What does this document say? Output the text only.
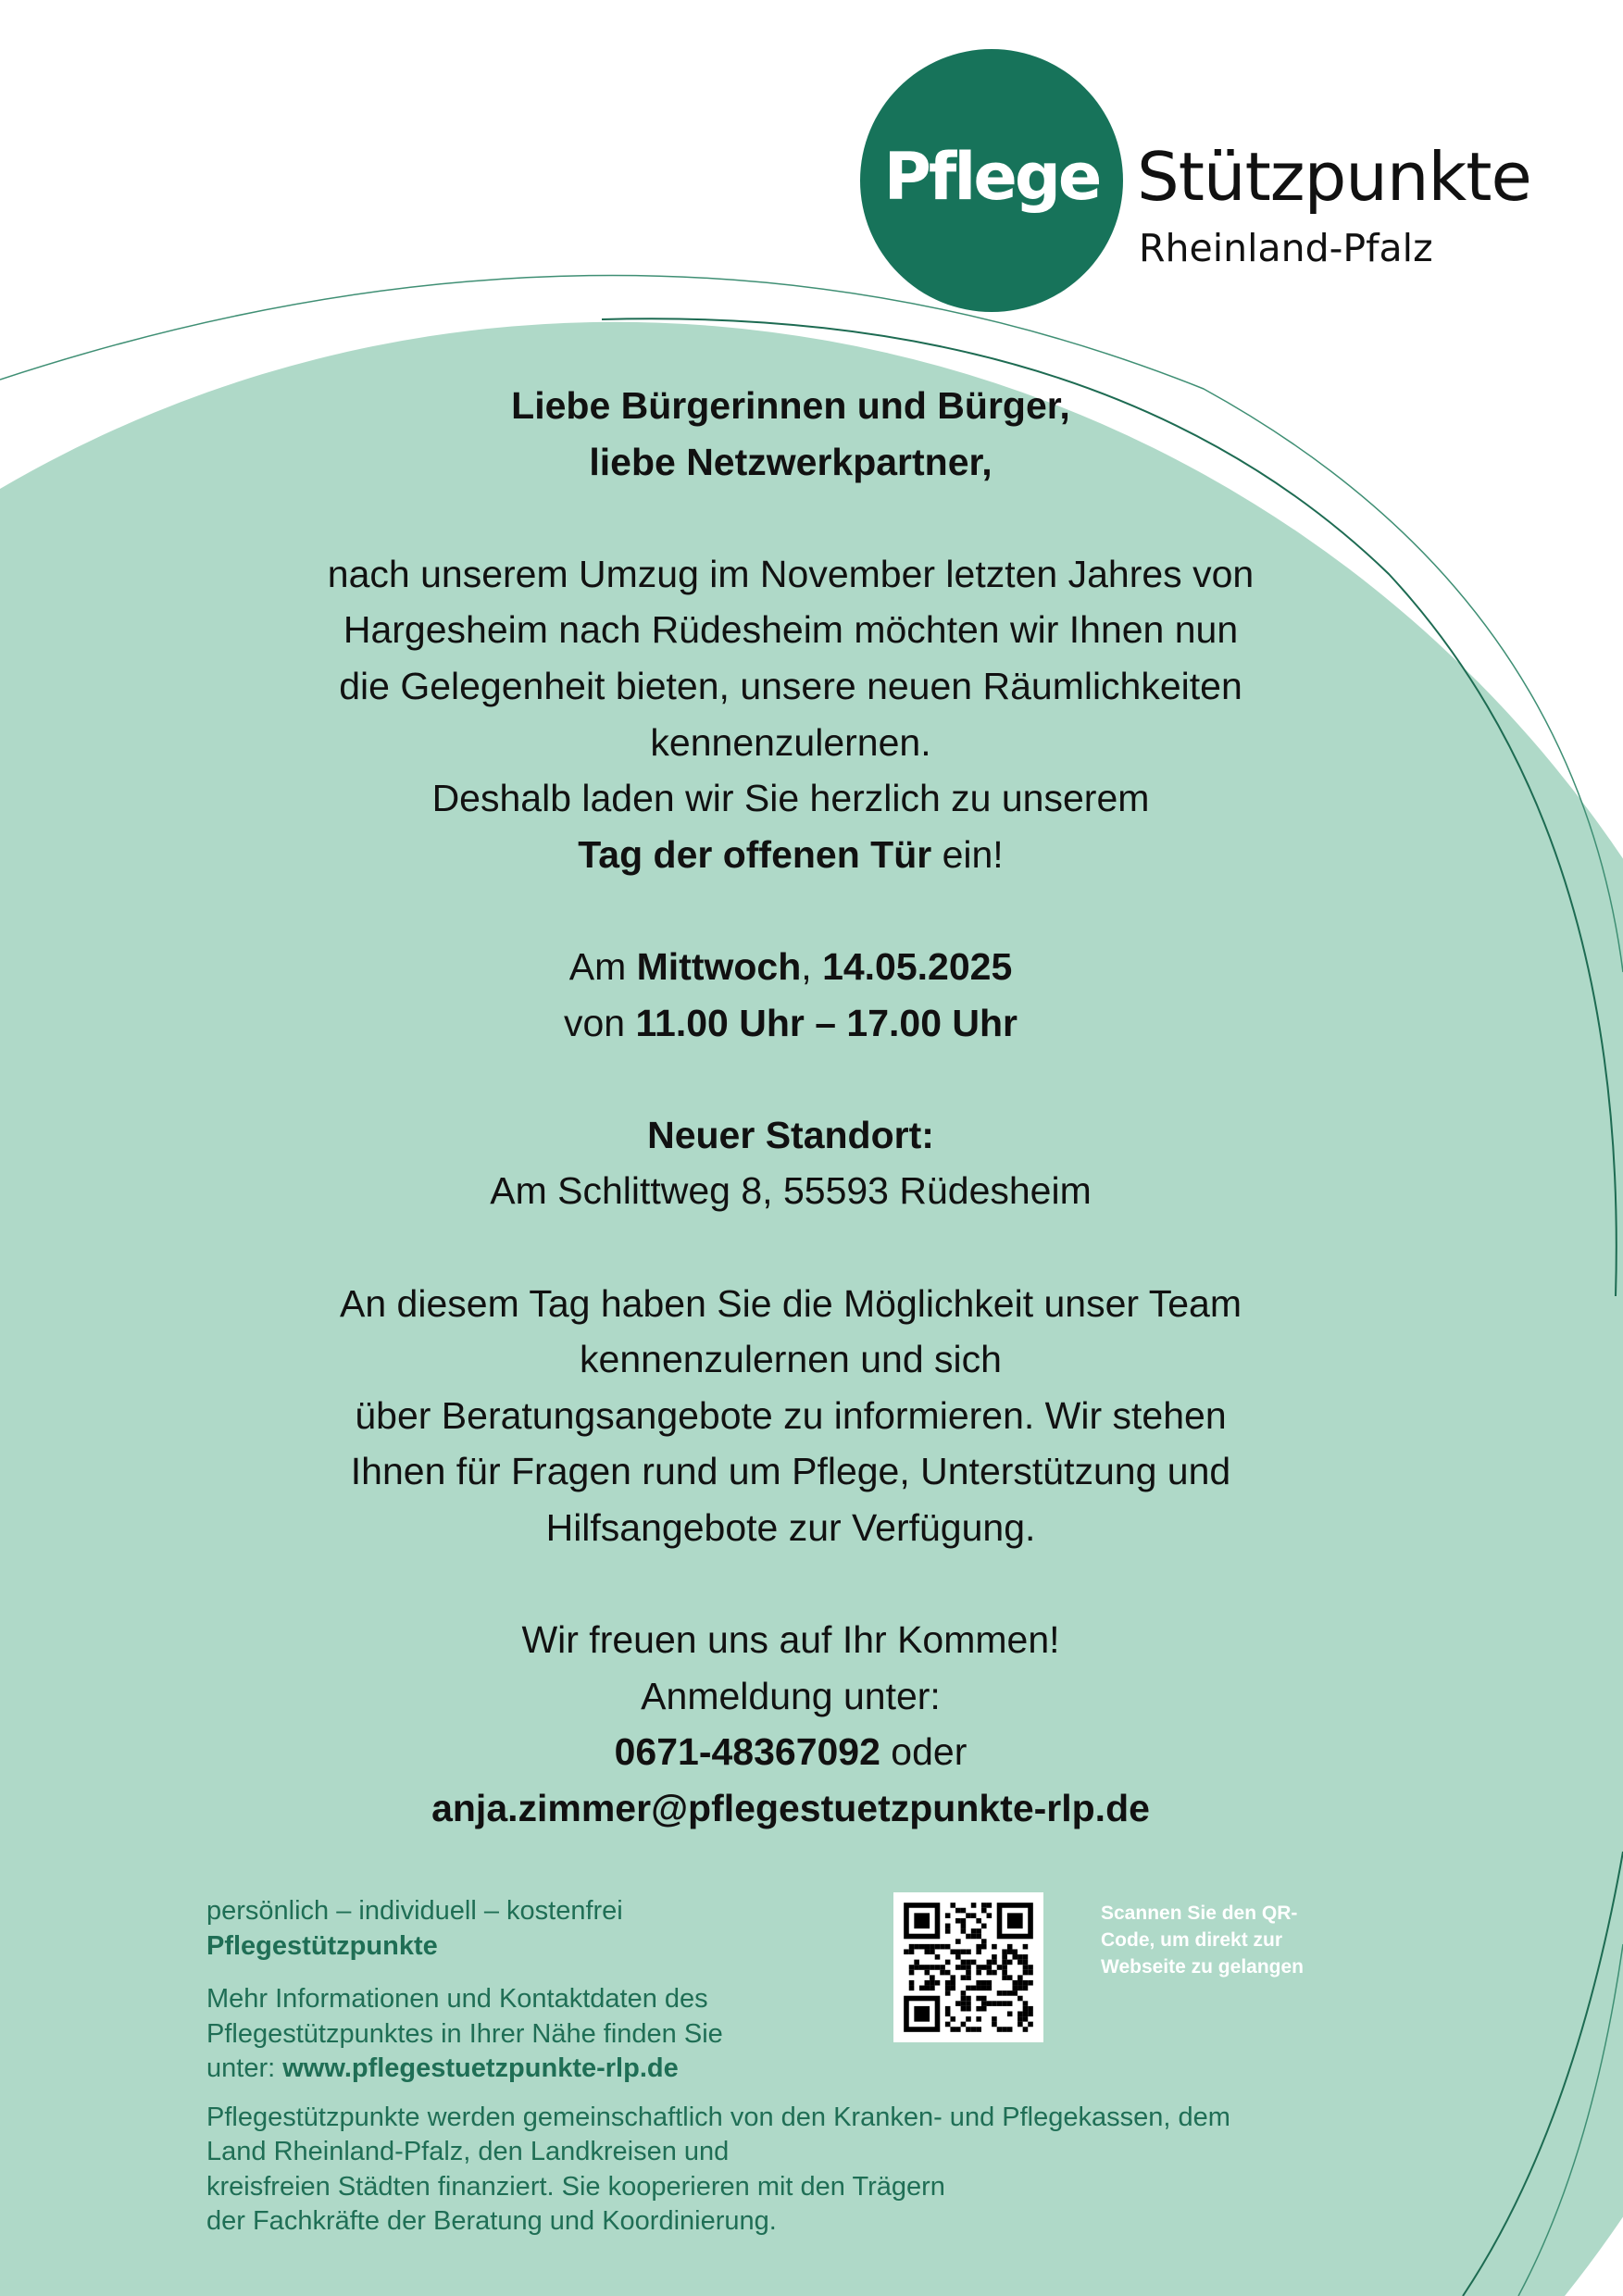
Pflege Stützpunkte
Rheinland-Pfalz
Liebe Bürgerinnen und Bürger,
liebe Netzwerkpartner,
nach unserem Umzug im November letzten Jahres von
Hargesheim nach Rüdesheim möchten wir Ihnen nun
die Gelegenheit bieten, unsere neuen Räumlichkeiten
kennenzulernen.
Deshalb laden wir Sie herzlich zu unserem
Tag der offenen Tür ein!
Am Mittwoch, 14.05.2025
von 11.00 Uhr – 17.00 Uhr
Neuer Standort:
Am Schlittweg 8, 55593 Rüdesheim
An diesem Tag haben Sie die Möglichkeit unser Team
kennenzulernen und sich
über Beratungsangebote zu informieren. Wir stehen
Ihnen für Fragen rund um Pflege, Unterstützung und
Hilfsangebote zur Verfügung.
Wir freuen uns auf Ihr Kommen!
Anmeldung unter:
0671-48367092 oder
anja.zimmer@pflegestuetzpunkte-rlp.de
persönlich – individuell – kostenfrei
Pflegestützpunkte
Mehr Informationen und Kontaktdaten des
Pflegestützpunktes in Ihrer Nähe finden Sie
unter: www.pflegestuetzpunkte-rlp.de
Pflegestützpunkte werden gemeinschaftlich von den Kranken- und Pflegekassen, dem
Land Rheinland-Pfalz, den Landkreisen und
kreisfreien Städten finanziert. Sie kooperieren mit den Trägern
der Fachkräfte der Beratung und Koordinierung.
Scannen Sie den QR-
Code, um direkt zur
Webseite zu gelangen
